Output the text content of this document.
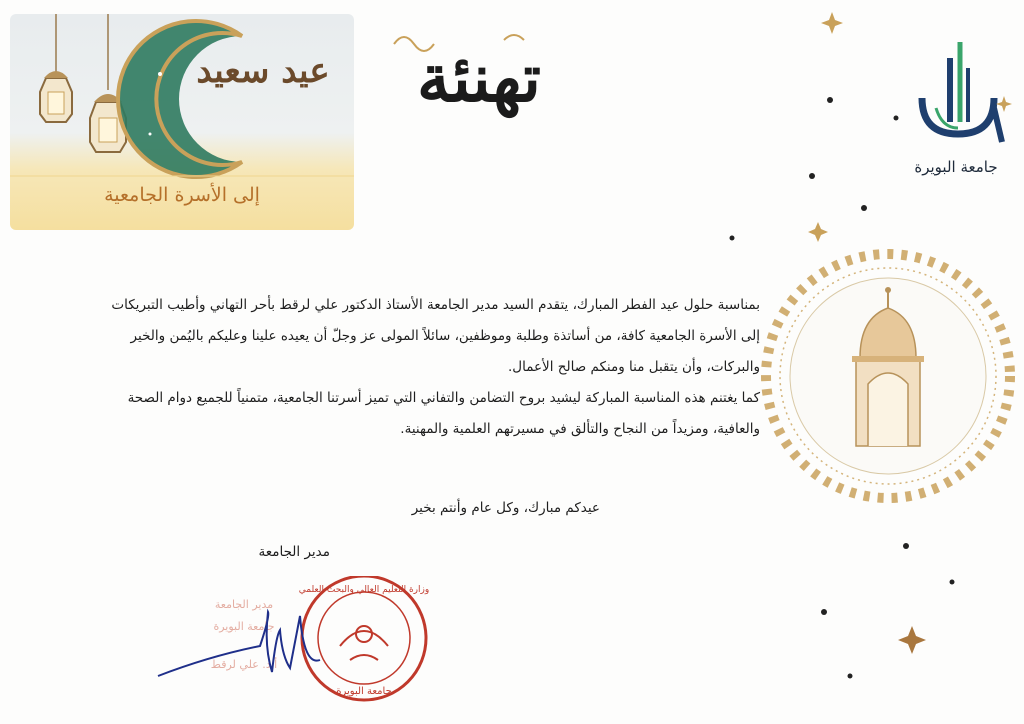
عيد سعيد
إلى الأسرة الجامعية
تهنئة
جامعة البويرة

بمناسبة حلول عيد الفطر المبارك، يتقدم السيد مدير الجامعة الأستاذ الدكتور علي لرقط بأحر التهاني وأطيب التبريكات إلى الأسرة الجامعية كافة، من أساتذة وطلبة وموظفين، سائلاً المولى عز وجلّ أن يعيده علينا وعليكم باليُمن والخير والبركات، وأن يتقبل منا ومنكم صالح الأعمال.

كما يغتنم هذه المناسبة المباركة ليشيد بروح التضامن والتفاني التي تميز أسرتنا الجامعية، متمنياً للجميع دوام الصحة والعافية، ومزيداً من النجاح والتألق في مسيرتهم العلمية والمهنية.

عيدكم مبارك، وكل عام وأنتم بخير
مدير الجامعة
مدير الجامعة
جامعة البويرة
أ.د. علي لرقط
وزارة التعليم العالي والبحث العلمي
جامعة البويرة
